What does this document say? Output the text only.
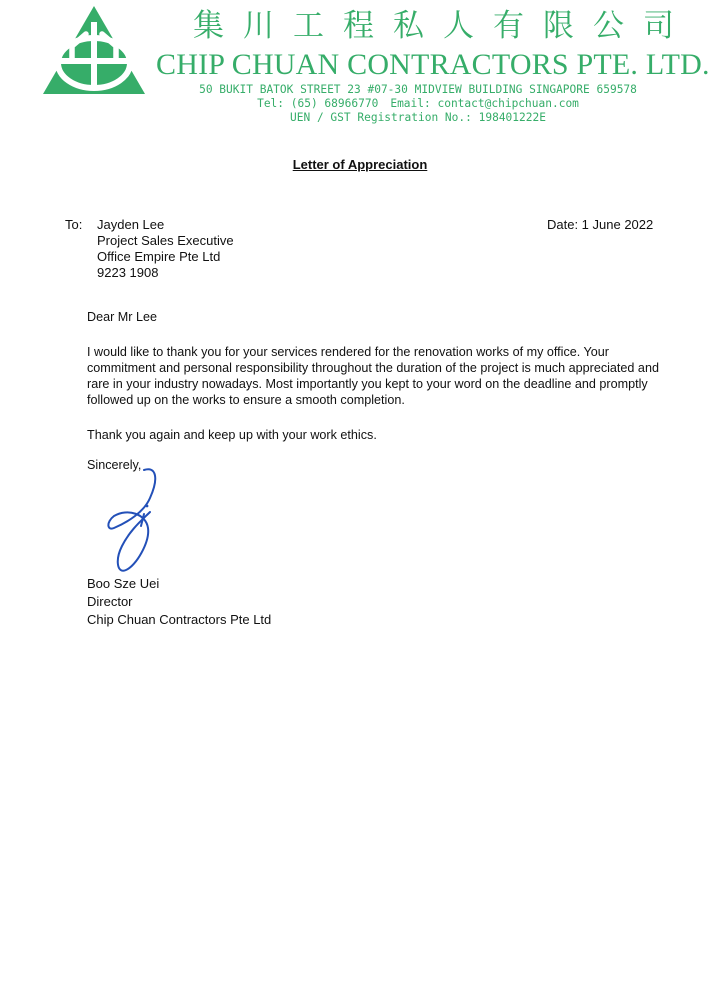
集川工程私人有限公司
CHIP CHUAN CONTRACTORS PTE. LTD.
50 BUKIT BATOK STREET 23 #07-30 MIDVIEW BUILDING SINGAPORE 659578
Tel: (65) 68966770 Email: contact@chipchuan.com
UEN / GST Registration No.: 198401222E
Letter of Appreciation
To: Jayden Lee
Project Sales Executive
Office Empire Pte Ltd
9223 1908
Date: 1 June 2022
Dear Mr Lee
I would like to thank you for your services rendered for the renovation works of my office. Your commitment and personal responsibility throughout the duration of the project is much appreciated and rare in your industry nowadays. Most importantly you kept to your word on the deadline and promptly followed up on the works to ensure a smooth completion.
Thank you again and keep up with your work ethics.
Sincerely,
Boo Sze Uei
Director
Chip Chuan Contractors Pte Ltd
